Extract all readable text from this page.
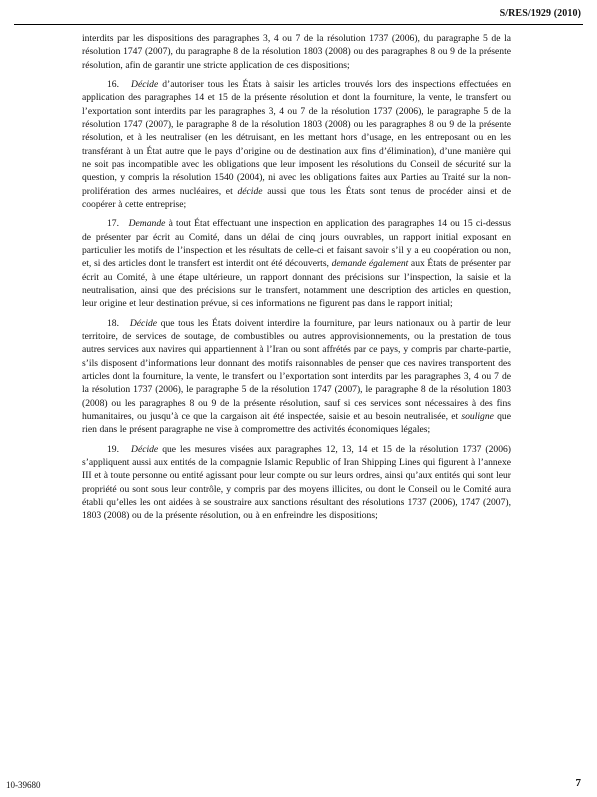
S/RES/1929 (2010)

interdits par les dispositions des paragraphes 3, 4 ou 7 de la résolution 1737 (2006), du paragraphe 5 de la résolution 1747 (2007), du paragraphe 8 de la résolution 1803 (2008) ou des paragraphes 8 ou 9 de la présente résolution, afin de garantir une stricte application de ces dispositions;

16. Décide d’autoriser tous les États à saisir les articles trouvés lors des inspections effectuées en application des paragraphes 14 et 15 de la présente résolution et dont la fourniture, la vente, le transfert ou l’exportation sont interdits par les paragraphes 3, 4 ou 7 de la résolution 1737 (2006), le paragraphe 5 de la résolution 1747 (2007), le paragraphe 8 de la résolution 1803 (2008) ou les paragraphes 8 ou 9 de la présente résolution, et à les neutraliser (en les détruisant, en les mettant hors d’usage, en les entreposant ou en les transférant à un État autre que le pays d’origine ou de destination aux fins d’élimination), d’une manière qui ne soit pas incompatible avec les obligations que leur imposent les résolutions du Conseil de sécurité sur la question, y compris la résolution 1540 (2004), ni avec les obligations faites aux Parties au Traité sur la non-prolifération des armes nucléaires, et décide aussi que tous les États sont tenus de procéder ainsi et de coopérer à cette entreprise;

17. Demande à tout État effectuant une inspection en application des paragraphes 14 ou 15 ci-dessus de présenter par écrit au Comité, dans un délai de cinq jours ouvrables, un rapport initial exposant en particulier les motifs de l’inspection et les résultats de celle-ci et faisant savoir s’il y a eu coopération ou non, et, si des articles dont le transfert est interdit ont été découverts, demande également aux États de présenter par écrit au Comité, à une étape ultérieure, un rapport donnant des précisions sur l’inspection, la saisie et la neutralisation, ainsi que des précisions sur le transfert, notamment une description des articles en question, leur origine et leur destination prévue, si ces informations ne figurent pas dans le rapport initial;

18. Décide que tous les États doivent interdire la fourniture, par leurs nationaux ou à partir de leur territoire, de services de soutage, de combustibles ou autres approvisionnements, ou la prestation de tous autres services aux navires qui appartiennent à l’Iran ou sont affrétés par ce pays, y compris par charte-partie, s’ils disposent d’informations leur donnant des motifs raisonnables de penser que ces navires transportent des articles dont la fourniture, la vente, le transfert ou l’exportation sont interdits par les paragraphes 3, 4 ou 7 de la résolution 1737 (2006), le paragraphe 5 de la résolution 1747 (2007), le paragraphe 8 de la résolution 1803 (2008) ou les paragraphes 8 ou 9 de la présente résolution, sauf si ces services sont nécessaires à des fins humanitaires, ou jusqu’à ce que la cargaison ait été inspectée, saisie et au besoin neutralisée, et souligne que rien dans le présent paragraphe ne vise à compromettre des activités économiques légales;

19. Décide que les mesures visées aux paragraphes 12, 13, 14 et 15 de la résolution 1737 (2006) s’appliquent aussi aux entités de la compagnie Islamic Republic of Iran Shipping Lines qui figurent à l’annexe III et à toute personne ou entité agissant pour leur compte ou sur leurs ordres, ainsi qu’aux entités qui sont leur propriété ou sont sous leur contrôle, y compris par des moyens illicites, ou dont le Conseil ou le Comité aura établi qu’elles les ont aidées à se soustraire aux sanctions résultant des résolutions 1737 (2006), 1747 (2007), 1803 (2008) ou de la présente résolution, ou à en enfreindre les dispositions;

10-39680	7
